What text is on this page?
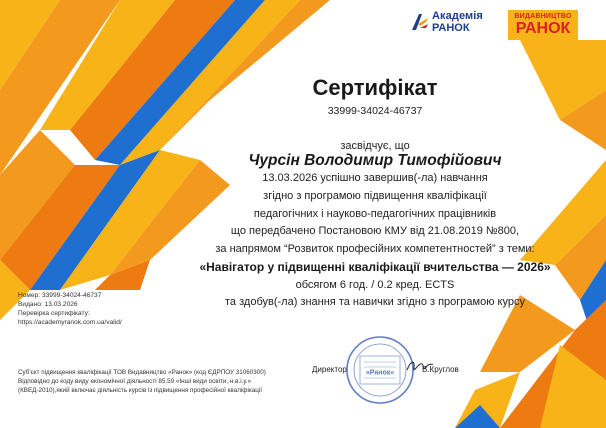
Академія
РАНОК
ВИДАВНИЦТВО
РАНОК
Сертифікат
33999-34024-46737
засвідчує, що
Чурсін Володимир Тимофійович
13.03.2026 успішно завершив(-ла) навчання
згідно з програмою підвищення кваліфікації
педагогічних і науково-педагогічних працівників
що передбачено Постановою КМУ від 21.08.2019 №800,
за напрямом “Розвиток професійних компетентностей” з теми:
«Навігатор у підвищенні кваліфікації вчительства — 2026»
обсягом 6 год. / 0.2 кред. ECTS
та здобув(-ла) знання та навички згідно з програмою курсу
Номер: 33999-34024-46737
Видано: 13.03.2026
Перевірка сертифікату:
https://academyranok.com.ua/valid/
Суб'єкт підвищення кваліфікації ТОВ Видавництво «Ранок» (код ЄДРПОУ 31060300)
Відповідно до коду виду економічної діяльності 85.59 «Інші види освіти, н.в.і.у.»
(КВЕД-2010),який включає діяльність курсів із підвищення професійної кваліфікації
Директор	«Ранок»	В.Круглов
